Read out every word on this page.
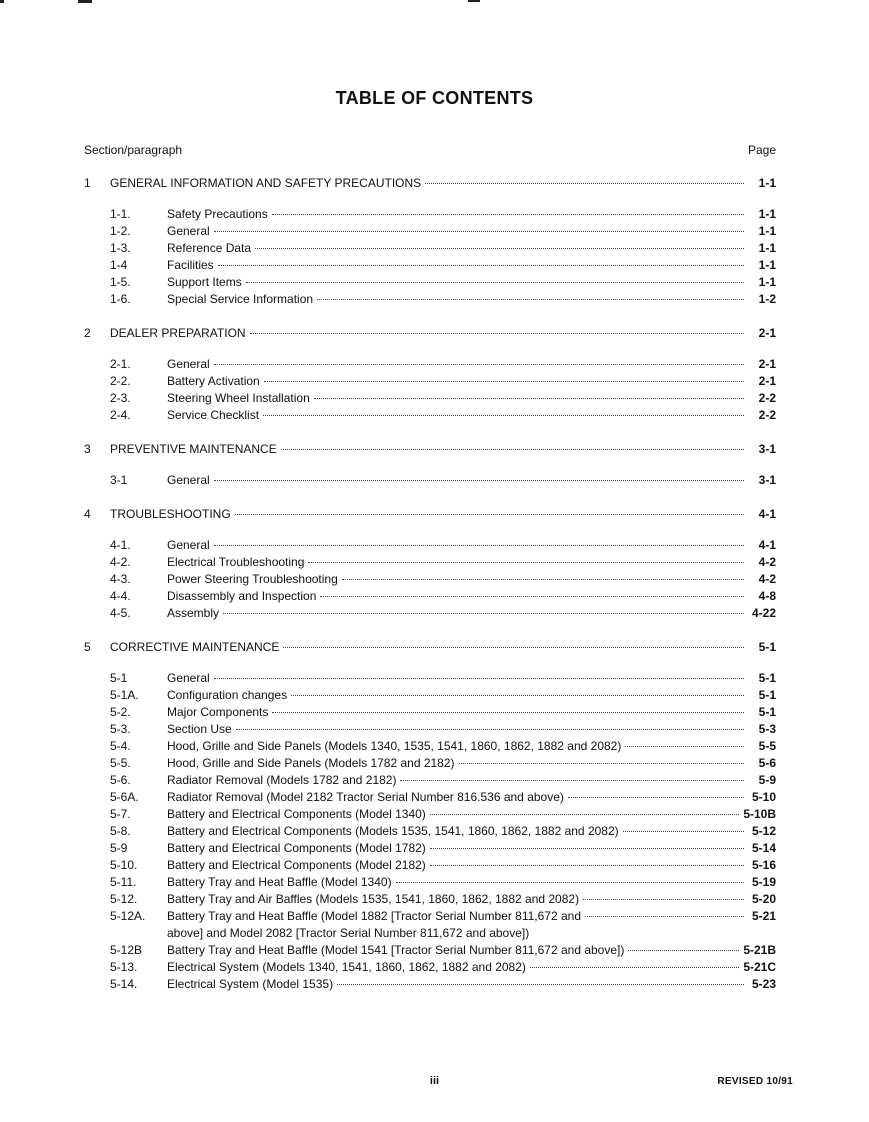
TABLE OF CONTENTS
Section/paragraph	Page
1	GENERAL INFORMATION AND SAFETY PRECAUTIONS	1-1
1-1.	Safety Precautions	1-1
1-2.	General	1-1
1-3.	Reference Data	1-1
1-4	Facilities	1-1
1-5.	Support Items	1-1
1-6.	Special Service Information	1-2
2	DEALER PREPARATION	2-1
2-1.	General	2-1
2-2.	Battery Activation	2-1
2-3.	Steering Wheel Installation	2-2
2-4.	Service Checklist	2-2
3	PREVENTIVE MAINTENANCE	3-1
3-1	General	3-1
4	TROUBLESHOOTING	4-1
4-1.	General	4-1
4-2.	Electrical Troubleshooting	4-2
4-3.	Power Steering Troubleshooting	4-2
4-4.	Disassembly and Inspection	4-8
4-5.	Assembly	4-22
5	CORRECTIVE MAINTENANCE	5-1
5-1	General	5-1
5-1A.	Configuration changes	5-1
5-2.	Major Components	5-1
5-3.	Section Use	5-3
5-4.	Hood, Grille and Side Panels (Models 1340, 1535, 1541, 1860, 1862, 1882 and 2082)	5-5
5-5.	Hood, Grille and Side Panels (Models 1782 and 2182)	5-6
5-6.	Radiator Removal (Models 1782 and 2182)	5-9
5-6A.	Radiator Removal (Model 2182 Tractor Serial Number 816.536 and above)	5-10
5-7.	Battery and Electrical Components (Model 1340)	5-10B
5-8.	Battery and Electrical Components (Models 1535, 1541, 1860, 1862, 1882 and 2082)	5-12
5-9	Battery and Electrical Components (Model 1782)	5-14
5-10.	Battery and Electrical Components (Model 2182)	5-16
5-11.	Battery Tray and Heat Baffle (Model 1340)	5-19
5-12.	Battery Tray and Air Baffles (Models 1535, 1541, 1860, 1862, 1882 and 2082)	5-20
5-12A.	Battery Tray and Heat Baffle (Model 1882 [Tractor Serial Number 811,672 and	5-21
above] and Model 2082 [Tractor Serial Number 811,672 and above])
5-12B	Battery Tray and Heat Baffle (Model 1541 [Tractor Serial Number 811,672 and above])	5-21B
5-13.	Electrical System (Models 1340, 1541, 1860, 1862, 1882 and 2082)	5-21C
5-14.	Electrical System (Model 1535)	5-23
iii	REVISED 10/91
